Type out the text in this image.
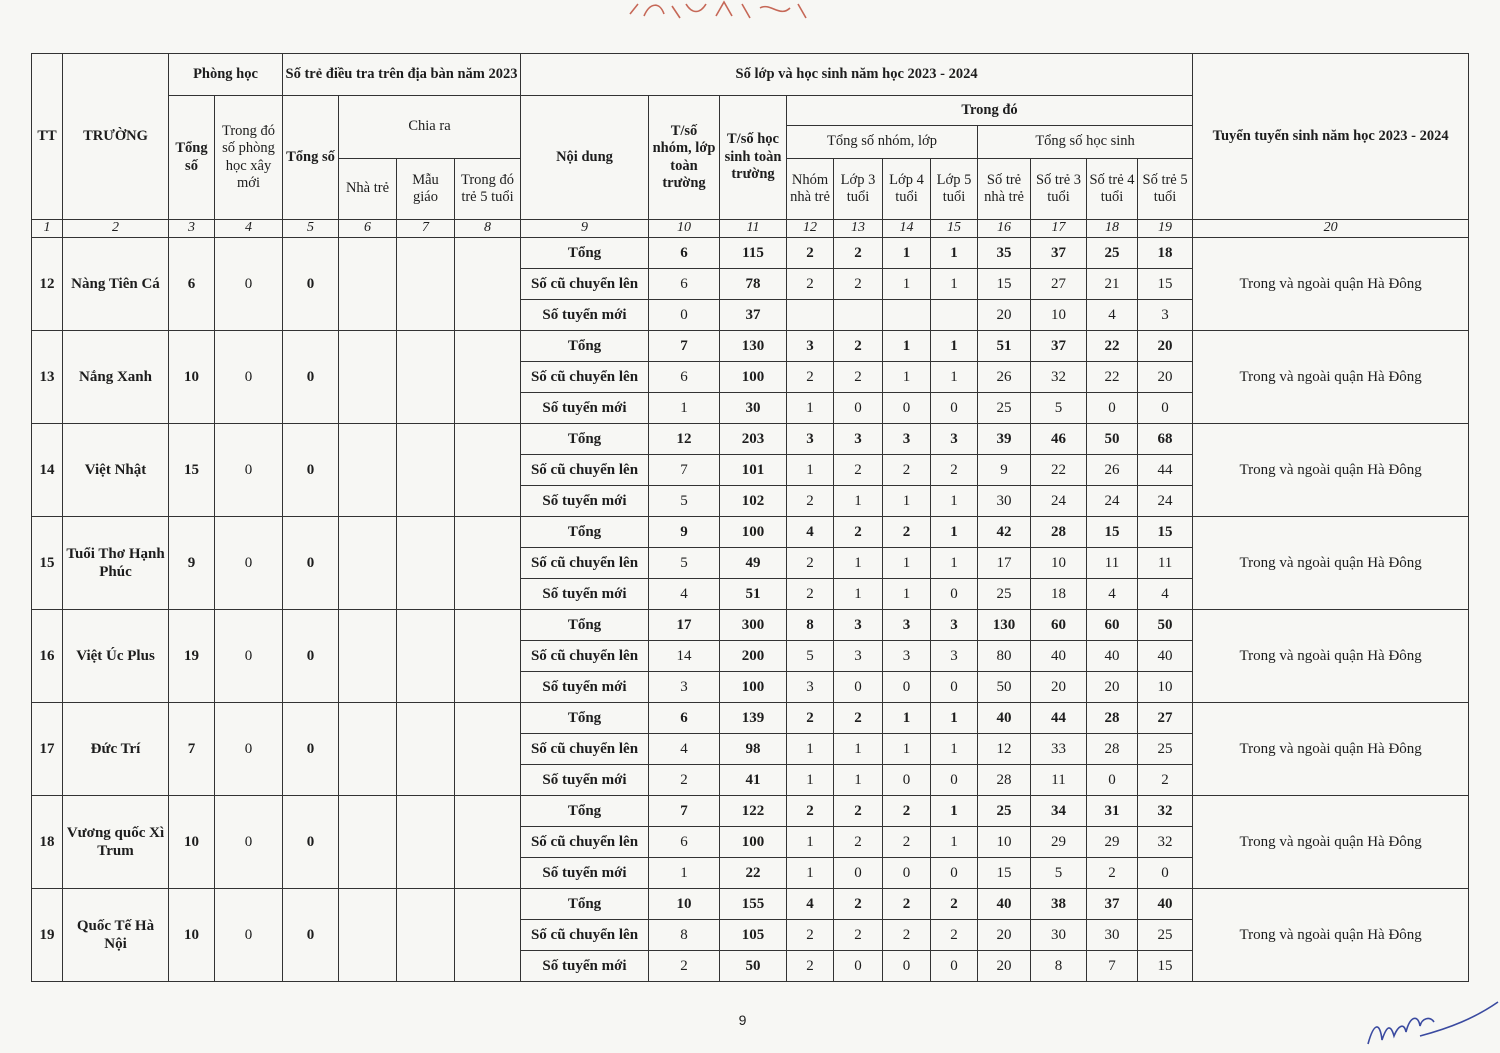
TT	TRƯỜNG	Phòng học		Số trẻ điều tra trên địa bàn năm 2023				Số lớp và học sinh năm học 2023 - 2024											Tuyển tuyển sinh năm học 2023 - 2024
		Tổng số	Trong đó số phòng học xây mới	Tổng số	Chia ra			Nội dung	T/số nhóm, lớp toàn trường	T/số học sinh toàn trường	Trong đó								
											Tổng số nhóm, lớp				Tổng số học sinh				
					Nhà trẻ	Mẫu giáo	Trong đó trẻ 5 tuổi				Nhóm nhà trẻ	Lớp 3 tuổi	Lớp 4 tuổi	Lớp 5 tuổi	Số trẻ nhà trẻ	Số trẻ 3 tuổi	Số trẻ 4 tuổi	Số trẻ 5 tuổi	
1	2	3	4	5	6	7	8	9	10	11	12	13	14	15	16	17	18	19	20
12	Nàng Tiên Cá	6	0	0				Tổng	6	115	2	2	1	1	35	37	25	18	Trong và ngoài quận Hà Đông
								Số cũ chuyển lên	6	78	2	2	1	1	15	27	21	15	
								Số tuyển mới	0	37					20	10	4	3	
13	Nắng Xanh	10	0	0				Tổng	7	130	3	2	1	1	51	37	22	20	Trong và ngoài quận Hà Đông
								Số cũ chuyển lên	6	100	2	2	1	1	26	32	22	20	
								Số tuyển mới	1	30	1	0	0	0	25	5	0	0	
14	Việt Nhật	15	0	0				Tổng	12	203	3	3	3	3	39	46	50	68	Trong và ngoài quận Hà Đông
								Số cũ chuyển lên	7	101	1	2	2	2	9	22	26	44	
								Số tuyển mới	5	102	2	1	1	1	30	24	24	24	
15	Tuổi Thơ Hạnh Phúc	9	0	0				Tổng	9	100	4	2	2	1	42	28	15	15	Trong và ngoài quận Hà Đông
								Số cũ chuyển lên	5	49	2	1	1	1	17	10	11	11	
								Số tuyển mới	4	51	2	1	1	0	25	18	4	4	
16	Việt Úc Plus	19	0	0				Tổng	17	300	8	3	3	3	130	60	60	50	Trong và ngoài quận Hà Đông
								Số cũ chuyển lên	14	200	5	3	3	3	80	40	40	40	
								Số tuyển mới	3	100	3	0	0	0	50	20	20	10	
17	Đức Trí	7	0	0				Tổng	6	139	2	2	1	1	40	44	28	27	Trong và ngoài quận Hà Đông
								Số cũ chuyển lên	4	98	1	1	1	1	12	33	28	25	
								Số tuyển mới	2	41	1	1	0	0	28	11	0	2	
18	Vương quốc Xì Trum	10	0	0				Tổng	7	122	2	2	2	1	25	34	31	32	Trong và ngoài quận Hà Đông
								Số cũ chuyển lên	6	100	1	2	2	1	10	29	29	32	
								Số tuyển mới	1	22	1	0	0	0	15	5	2	0	
19	Quốc Tế Hà Nội	10	0	0				Tổng	10	155	4	2	2	2	40	38	37	40	Trong và ngoài quận Hà Đông
								Số cũ chuyển lên	8	105	2	2	2	2	20	30	30	25	
								Số tuyển mới	2	50	2	0	0	0	20	8	7	15	
9
